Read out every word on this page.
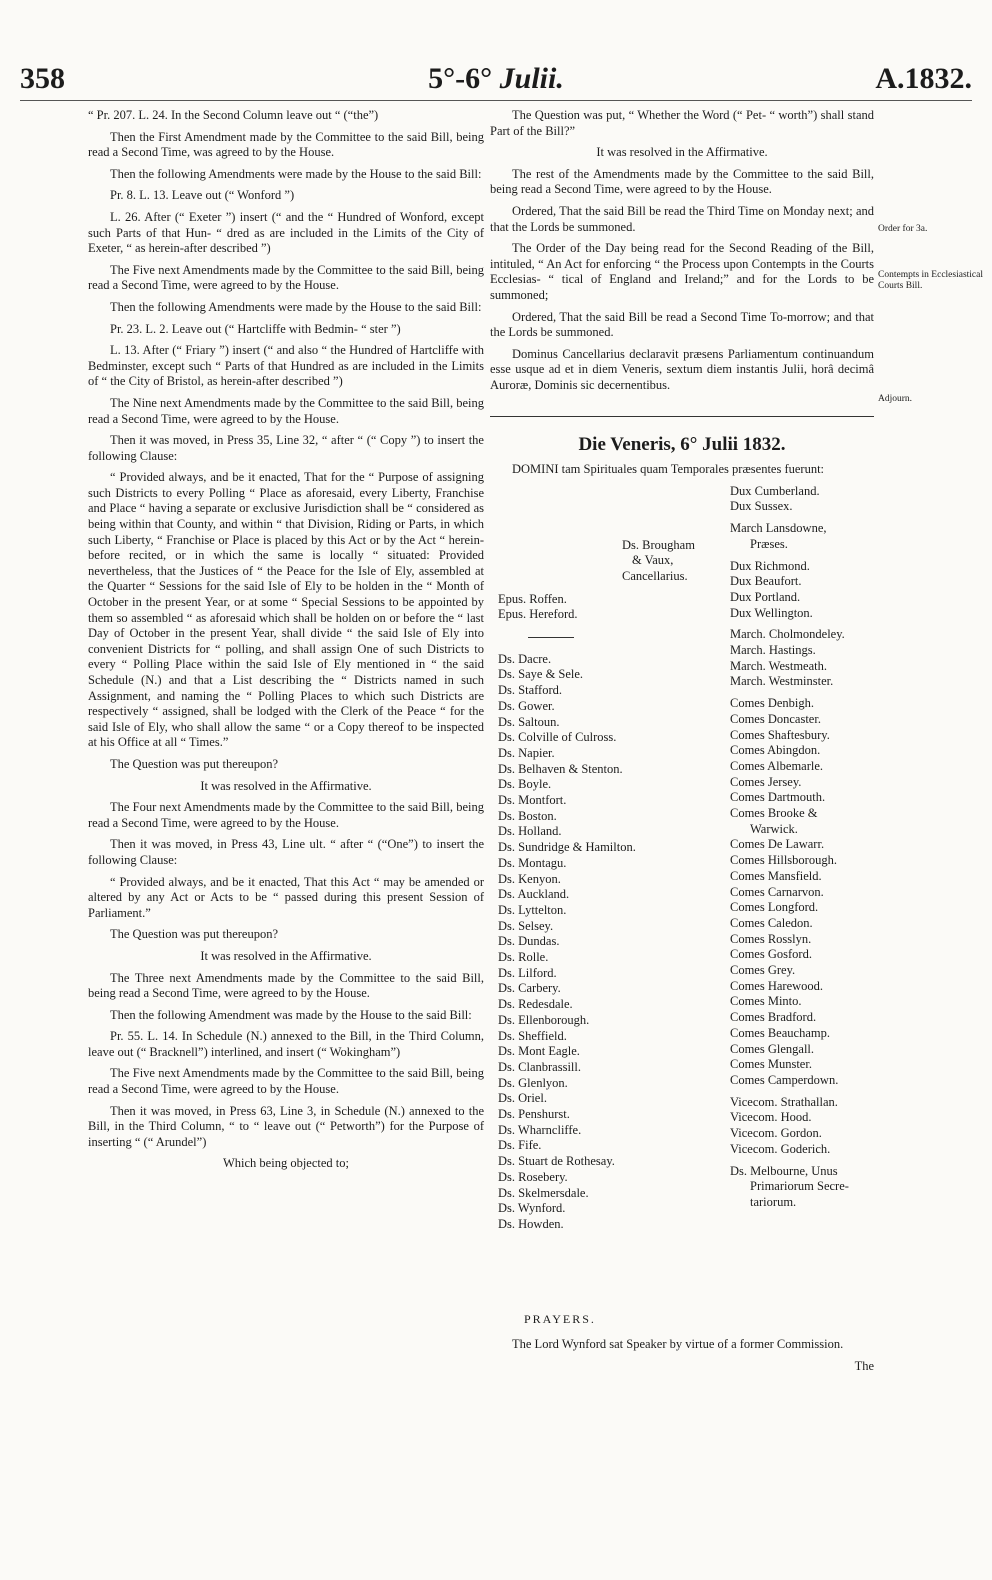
358	5°-6° Julii.	A.1832.

“ Pr. 207. L. 24. In the Second Column leave out “ (“the”)

Then the First Amendment made by the Committee to the said Bill, being read a Second Time, was agreed to by the House.

Then the following Amendments were made by the House to the said Bill:

Pr. 8. L. 13. Leave out (“ Wonford ”)

L. 26. After (“ Exeter ”) insert (“ and the “ Hundred of Wonford, except such Parts of that Hun- “ dred as are included in the Limits of the City of Exeter, “ as herein-after described ”)

The Five next Amendments made by the Committee to the said Bill, being read a Second Time, were agreed to by the House.

Then the following Amendments were made by the House to the said Bill:

Pr. 23. L. 2. Leave out (“ Hartcliffe with Bedmin- “ ster ”)

L. 13. After (“ Friary ”) insert (“ and also “ the Hundred of Hartcliffe with Bedminster, except such “ Parts of that Hundred as are included in the Limits of “ the City of Bristol, as herein-after described ”)

The Nine next Amendments made by the Committee to the said Bill, being read a Second Time, were agreed to by the House.

Then it was moved, in Press 35, Line 32, “ after “ (“ Copy ”) to insert the following Clause:

“ Provided always, and be it enacted, That for the “ Purpose of assigning such Districts to every Polling “ Place as aforesaid, every Liberty, Franchise and Place “ having a separate or exclusive Jurisdiction shall be “ considered as being within that County, and within “ that Division, Riding or Parts, in which such Liberty, “ Franchise or Place is placed by this Act or by the Act “ herein-before recited, or in which the same is locally “ situated: Provided nevertheless, that the Justices of “ the Peace for the Isle of Ely, assembled at the Quarter “ Sessions for the said Isle of Ely to be holden in the “ Month of October in the present Year, or at some “ Special Sessions to be appointed by them so assembled “ as aforesaid which shall be holden on or before the “ last Day of October in the present Year, shall divide “ the said Isle of Ely into convenient Districts for “ polling, and shall assign One of such Districts to every “ Polling Place within the said Isle of Ely mentioned in “ the said Schedule (N.) and that a List describing the “ Districts named in such Assignment, and naming the “ Polling Places to which such Districts are respectively “ assigned, shall be lodged with the Clerk of the Peace “ for the said Isle of Ely, who shall allow the same “ or a Copy thereof to be inspected at his Office at all “ Times.”

The Question was put thereupon?

It was resolved in the Affirmative.

The Four next Amendments made by the Committee to the said Bill, being read a Second Time, were agreed to by the House.

Then it was moved, in Press 43, Line ult. “ after “ (“One”) to insert the following Clause:

“ Provided always, and be it enacted, That this Act “ may be amended or altered by any Act or Acts to be “ passed during this present Session of Parliament.”

The Question was put thereupon?

It was resolved in the Affirmative.

The Three next Amendments made by the Committee to the said Bill, being read a Second Time, were agreed to by the House.

Then the following Amendment was made by the House to the said Bill:

Pr. 55. L. 14. In Schedule (N.) annexed to the Bill, in the Third Column, leave out (“ Bracknell”) interlined, and insert (“ Wokingham”)

The Five next Amendments made by the Committee to the said Bill, being read a Second Time, were agreed to by the House.

Then it was moved, in Press 63, Line 3, in Schedule (N.) annexed to the Bill, in the Third Column, “ to “ leave out (“ Petworth”) for the Purpose of inserting “ (“ Arundel”)

Which being objected to;

The Question was put, “ Whether the Word (“ Pet- “ worth”) shall stand Part of the Bill?”

It was resolved in the Affirmative.

The rest of the Amendments made by the Committee to the said Bill, being read a Second Time, were agreed to by the House.

Ordered, That the said Bill be read the Third Time on Monday next; and that the Lords be summoned.

The Order of the Day being read for the Second Reading of the Bill, intituled, “ An Act for enforcing “ the Process upon Contempts in the Courts Ecclesias- “ tical of England and Ireland;” and for the Lords to be summoned;

Ordered, That the said Bill be read a Second Time To-morrow; and that the Lords be summoned.

Dominus Cancellarius declaravit præsens Parliamentum continuandum esse usque ad et in diem Veneris, sextum diem instantis Julii, horâ decimâ Auroræ, Dominis sic decernentibus.

Die Veneris, 6° Julii 1832.

DOMINI tam Spirituales quam Temporales præsentes fuerunt:

Ds. Brougham
& Vaux,
Cancellarius.
Epus. Roffen.
Epus. Hereford.
Ds. Dacre.
Ds. Saye & Sele.
Ds. Stafford.
Ds. Gower.
Ds. Saltoun.
Ds. Colville of Culross.
Ds. Napier.
Ds. Belhaven & Stenton.
Ds. Boyle.
Ds. Montfort.
Ds. Boston.
Ds. Holland.
Ds. Sundridge & Hamilton.
Ds. Montagu.
Ds. Kenyon.
Ds. Auckland.
Ds. Lyttelton.
Ds. Selsey.
Ds. Dundas.
Ds. Rolle.
Ds. Lilford.
Ds. Carbery.
Ds. Redesdale.
Ds. Ellenborough.
Ds. Sheffield.
Ds. Mont Eagle.
Ds. Clanbrassill.
Ds. Glenlyon.
Ds. Oriel.
Ds. Penshurst.
Ds. Wharncliffe.
Ds. Fife.
Ds. Stuart de Rothesay.
Ds. Rosebery.
Ds. Skelmersdale.
Ds. Wynford.
Ds. Howden.
Dux Cumberland.
Dux Sussex.
March Lansdowne,
Præses.
Dux Richmond.
Dux Beaufort.
Dux Portland.
Dux Wellington.
March. Cholmondeley.
March. Hastings.
March. Westmeath.
March. Westminster.
Comes Denbigh.
Comes Doncaster.
Comes Shaftesbury.
Comes Abingdon.
Comes Albemarle.
Comes Jersey.
Comes Dartmouth.
Comes Brooke &
Warwick.
Comes De Lawarr.
Comes Hillsborough.
Comes Mansfield.
Comes Carnarvon.
Comes Longford.
Comes Caledon.
Comes Rosslyn.
Comes Gosford.
Comes Grey.
Comes Harewood.
Comes Minto.
Comes Bradford.
Comes Beauchamp.
Comes Glengall.
Comes Munster.
Comes Camperdown.
Vicecom. Strathallan.
Vicecom. Hood.
Vicecom. Gordon.
Vicecom. Goderich.
Ds. Melbourne, Unus
Primariorum Secre-
tariorum.
PRAYERS.

The Lord Wynford sat Speaker by virtue of a former Commission.

The
Order for 3a.
Contempts in Ecclesiastical Courts Bill.
Adjourn.
